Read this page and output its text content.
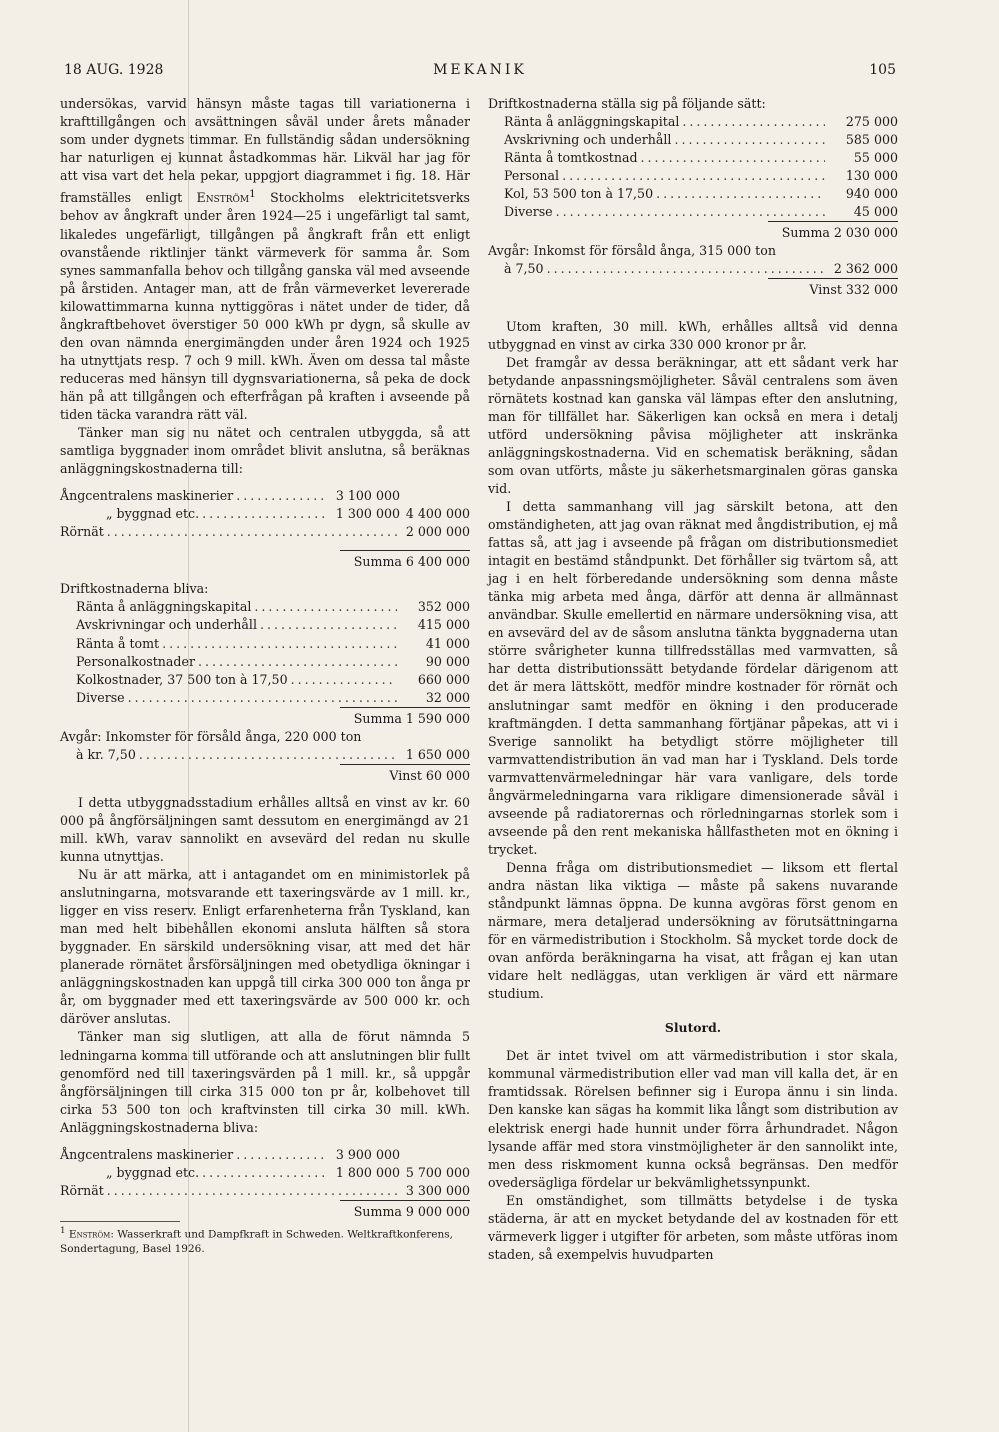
18 AUG. 1928	MEKANIK	105

undersökas, varvid hänsyn måste tagas till variationerna i krafttillgången och avsättningen såväl under årets månader som under dygnets timmar. En fullständig sådan undersökning har naturligen ej kunnat åstadkommas här. Likväl har jag för att visa vart det hela pekar, uppgjort diagrammet i fig. 18. Här framställes enligt Enström$^1$ Stockholms elektricitetsverks behov av ångkraft under åren 1924—25 i ungefärligt tal samt, likaledes ungefärligt, tillgången på ångkraft från ett enligt ovanstående riktlinjer tänkt värmeverk för samma år. Som synes sammanfalla behov och tillgång ganska väl med avseende på årstiden. Antager man, att de från värmeverket levererade kilowattimmarna kunna nyttiggöras i nätet under de tider, då ångkraftbehovet överstiger 50 000 kWh pr dygn, så skulle av den ovan nämnda energimängden under åren 1924 och 1925 ha utnyttjats resp. 7 och 9 mill. kWh. Även om dessa tal måste reduceras med hänsyn till dygnsvariationerna, så peka de dock hän på att tillgången och efterfrågan på kraften i avseende på tiden täcka varandra rätt väl.

Tänker man sig nu nätet och centralen utbyggda, så att samtliga byggnader inom området blivit anslutna, så beräknas anläggningskostnaderna till:

Ångcentralens maskinerier . . .	3 100 000
„ byggnad etc. . . .	1 300 000 4 400 000
Rörnät . . .	2 000 000
Summa 6 400 000
Driftkostnaderna bliva:
Ränta å anläggningskapital . . .	352 000
Avskrivningar och underhåll . . .	415 000
Ränta å tomt . . .	41 000
Personalkostnader . . .	90 000
Kolkostnader, 37 500 ton à 17,50 . . .	660 000
Diverse . . .	32 000
Summa 1 590 000
Avgår: Inkomster för försåld ånga, 220 000 ton
à kr. 7,50 . . .	1 650 000
Vinst 60 000

I detta utbyggnadsstadium erhålles alltså en vinst av kr. 60 000 på ångförsäljningen samt dessutom en energimängd av 21 mill. kWh, varav sannolikt en avsevärd del redan nu skulle kunna utnyttjas.

Nu är att märka, att i antagandet om en minimistorlek på anslutningarna, motsvarande ett taxeringsvärde av 1 mill. kr., ligger en viss reserv. Enligt erfarenheterna från Tyskland, kan man med helt bibehållen ekonomi ansluta hälften så stora byggnader. En särskild undersökning visar, att med det här planerade rörnätet årsförsäljningen med obetydliga ökningar i anläggningskostnaden kan uppgå till cirka 300 000 ton ånga pr år, om byggnader med ett taxeringsvärde av 500 000 kr. och däröver anslutas.

Tänker man sig slutligen, att alla de förut nämnda 5 ledningarna komma till utförande och att anslutningen blir fullt genomförd ned till taxeringsvärden på 1 mill. kr., så uppgår ångförsäljningen till cirka 315 000 ton pr år, kolbehovet till cirka 53 500 ton och kraftvinsten till cirka 30 mill. kWh. Anläggningskostnaderna bliva:

Ångcentralens maskinerier . . .	3 900 000
„ byggnad etc. . . .	1 800 000 5 700 000
Rörnät . . .	3 300 000
Summa 9 000 000
$^1$ Enström: Wasserkraft und Dampfkraft in Schweden. Weltkraftkonferens, Sondertagung, Basel 1926.
Driftkostnaderna ställa sig på följande sätt:
Ränta å anläggningskapital . . .	275 000
Avskrivning och underhåll . . .	585 000
Ränta å tomtkostnad . . .	55 000
Personal . . .	130 000
Kol, 53 500 ton à 17,50 . . .	940 000
Diverse . . .	45 000
Summa 2 030 000
Avgår: Inkomst för försåld ånga, 315 000 ton
à 7,50 . . .	2 362 000
Vinst 332 000

Utom kraften, 30 mill. kWh, erhålles alltså vid denna utbyggnad en vinst av cirka 330 000 kronor pr år.

Det framgår av dessa beräkningar, att ett sådant verk har betydande anpassningsmöjligheter. Såväl centralens som även rörnätets kostnad kan ganska väl lämpas efter den anslutning, man för tillfället har. Säkerligen kan också en mera i detalj utförd undersökning påvisa möjligheter att inskränka anläggningskostnaderna. Vid en schematisk beräkning, sådan som ovan utförts, måste ju säkerhetsmarginalen göras ganska vid.

I detta sammanhang vill jag särskilt betona, att den omständigheten, att jag ovan räknat med ångdistribution, ej må fattas så, att jag i avseende på frågan om distributionsmediet intagit en bestämd ståndpunkt. Det förhåller sig tvärtom så, att jag i en helt förberedande undersökning som denna måste tänka mig arbeta med ånga, därför att denna är allmännast användbar. Skulle emellertid en närmare undersökning visa, att en avsevärd del av de såsom anslutna tänkta byggnaderna utan större svårigheter kunna tillfredsställas med varmvatten, så har detta distributionssätt betydande fördelar därigenom att det är mera lättskött, medför mindre kostnader för rörnät och anslutningar samt medför en ökning i den producerade kraftmängden. I detta sammanhang förtjänar påpekas, att vi i Sverige sannolikt ha betydligt större möjligheter till varmvattendistribution än vad man har i Tyskland. Dels torde varmvattenvärmeledningar här vara vanligare, dels torde ångvärmeledningarna vara rikligare dimensionerade såväl i avseende på radiatorernas och rörledningarnas storlek som i avseende på den rent mekaniska hållfastheten mot en ökning i trycket.

Denna fråga om distributionsmediet — liksom ett flertal andra nästan lika viktiga — måste på sakens nuvarande ståndpunkt lämnas öppna. De kunna avgöras först genom en närmare, mera detaljerad undersökning av förutsättningarna för en värmedistribution i Stockholm. Så mycket torde dock de ovan anförda beräkningarna ha visat, att frågan ej kan utan vidare helt nedläggas, utan verkligen är värd ett närmare studium.

Slutord.

Det är intet tvivel om att värmedistribution i stor skala, kommunal värmedistribution eller vad man vill kalla det, är en framtidssak. Rörelsen befinner sig i Europa ännu i sin linda. Den kanske kan sägas ha kommit lika långt som distribution av elektrisk energi hade hunnit under förra århundradet. Någon lysande affär med stora vinstmöjligheter är den sannolikt inte, men dess riskmoment kunna också begränsas. Den medför ovedersägliga fördelar ur bekvämlighetssynpunkt.

En omständighet, som tillmätts betydelse i de tyska städerna, är att en mycket betydande del av kostnaden för ett värmeverk ligger i utgifter för arbeten, som måste utföras inom staden, så exempelvis huvudparten
